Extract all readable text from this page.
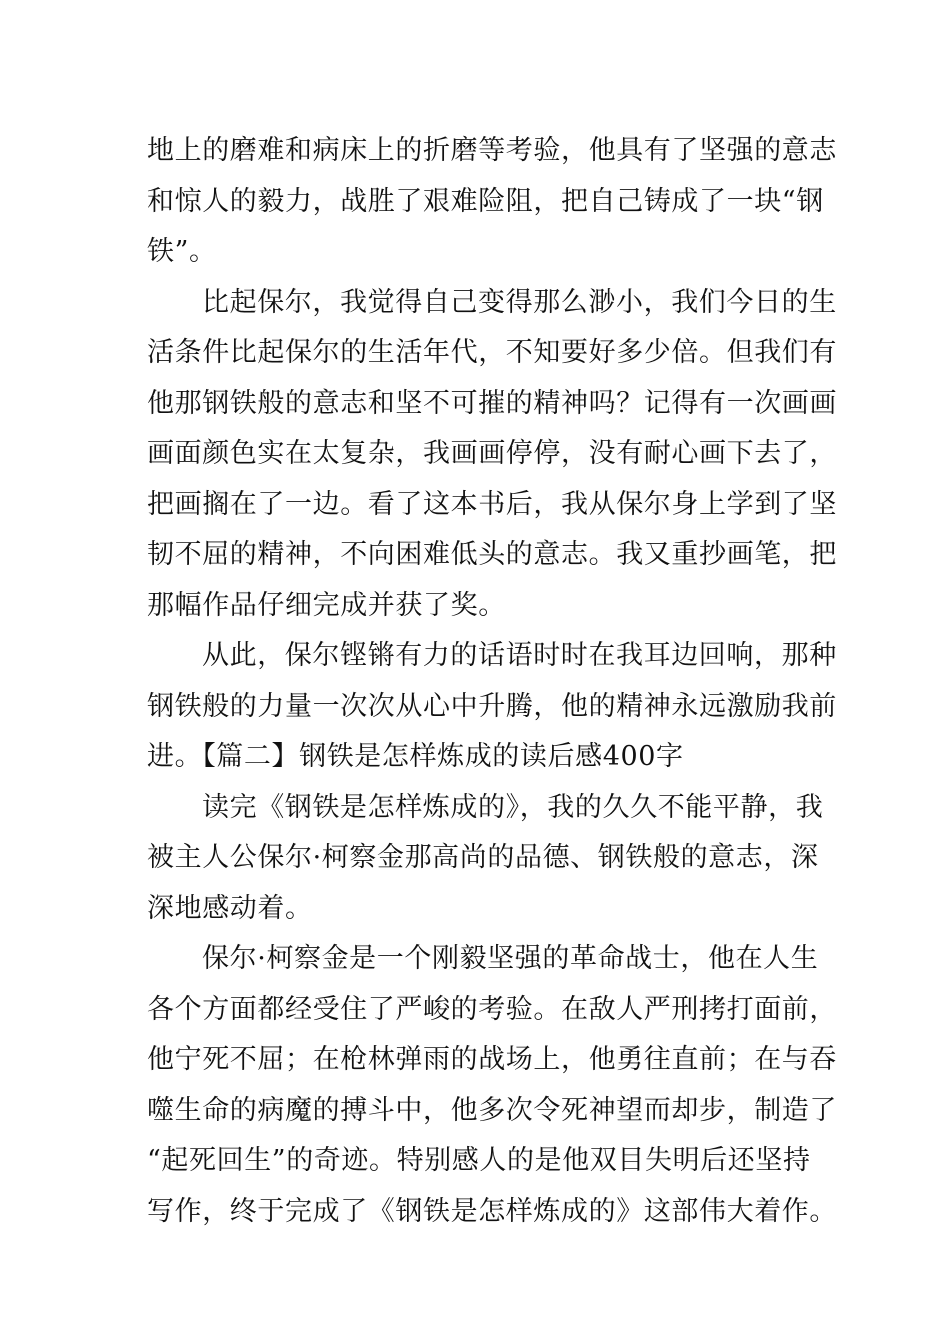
地上的磨难和病床上的折磨等考验，他具有了坚强的意志
和惊人的毅力，战胜了艰难险阻，把自己铸成了一块“钢
铁”。
比起保尔，我觉得自己变得那么渺小，我们今日的生
活条件比起保尔的生活年代，不知要好多少倍。但我们有
他那钢铁般的意志和坚不可摧的精神吗？记得有一次画画
画面颜色实在太复杂，我画画停停，没有耐心画下去了，
把画搁在了一边。看了这本书后，我从保尔身上学到了坚
韧不屈的精神，不向困难低头的意志。我又重抄画笔，把
那幅作品仔细完成并获了奖。
从此，保尔铿锵有力的话语时时在我耳边回响，那种
钢铁般的力量一次次从心中升腾，他的精神永远激励我前
进。【篇二】钢铁是怎样炼成的读后感400字
读完《钢铁是怎样炼成的》，我的久久不能平静，我
被主人公保尔·柯察金那高尚的品德、钢铁般的意志，深
深地感动着。
保尔·柯察金是一个刚毅坚强的革命战士，他在人生
各个方面都经受住了严峻的考验。在敌人严刑拷打面前，
他宁死不屈；在枪林弹雨的战场上，他勇往直前；在与吞
噬生命的病魔的搏斗中，他多次令死神望而却步，制造了
“起死回生”的奇迹。特别感人的是他双目失明后还坚持
写作，终于完成了《钢铁是怎样炼成的》这部伟大着作。
